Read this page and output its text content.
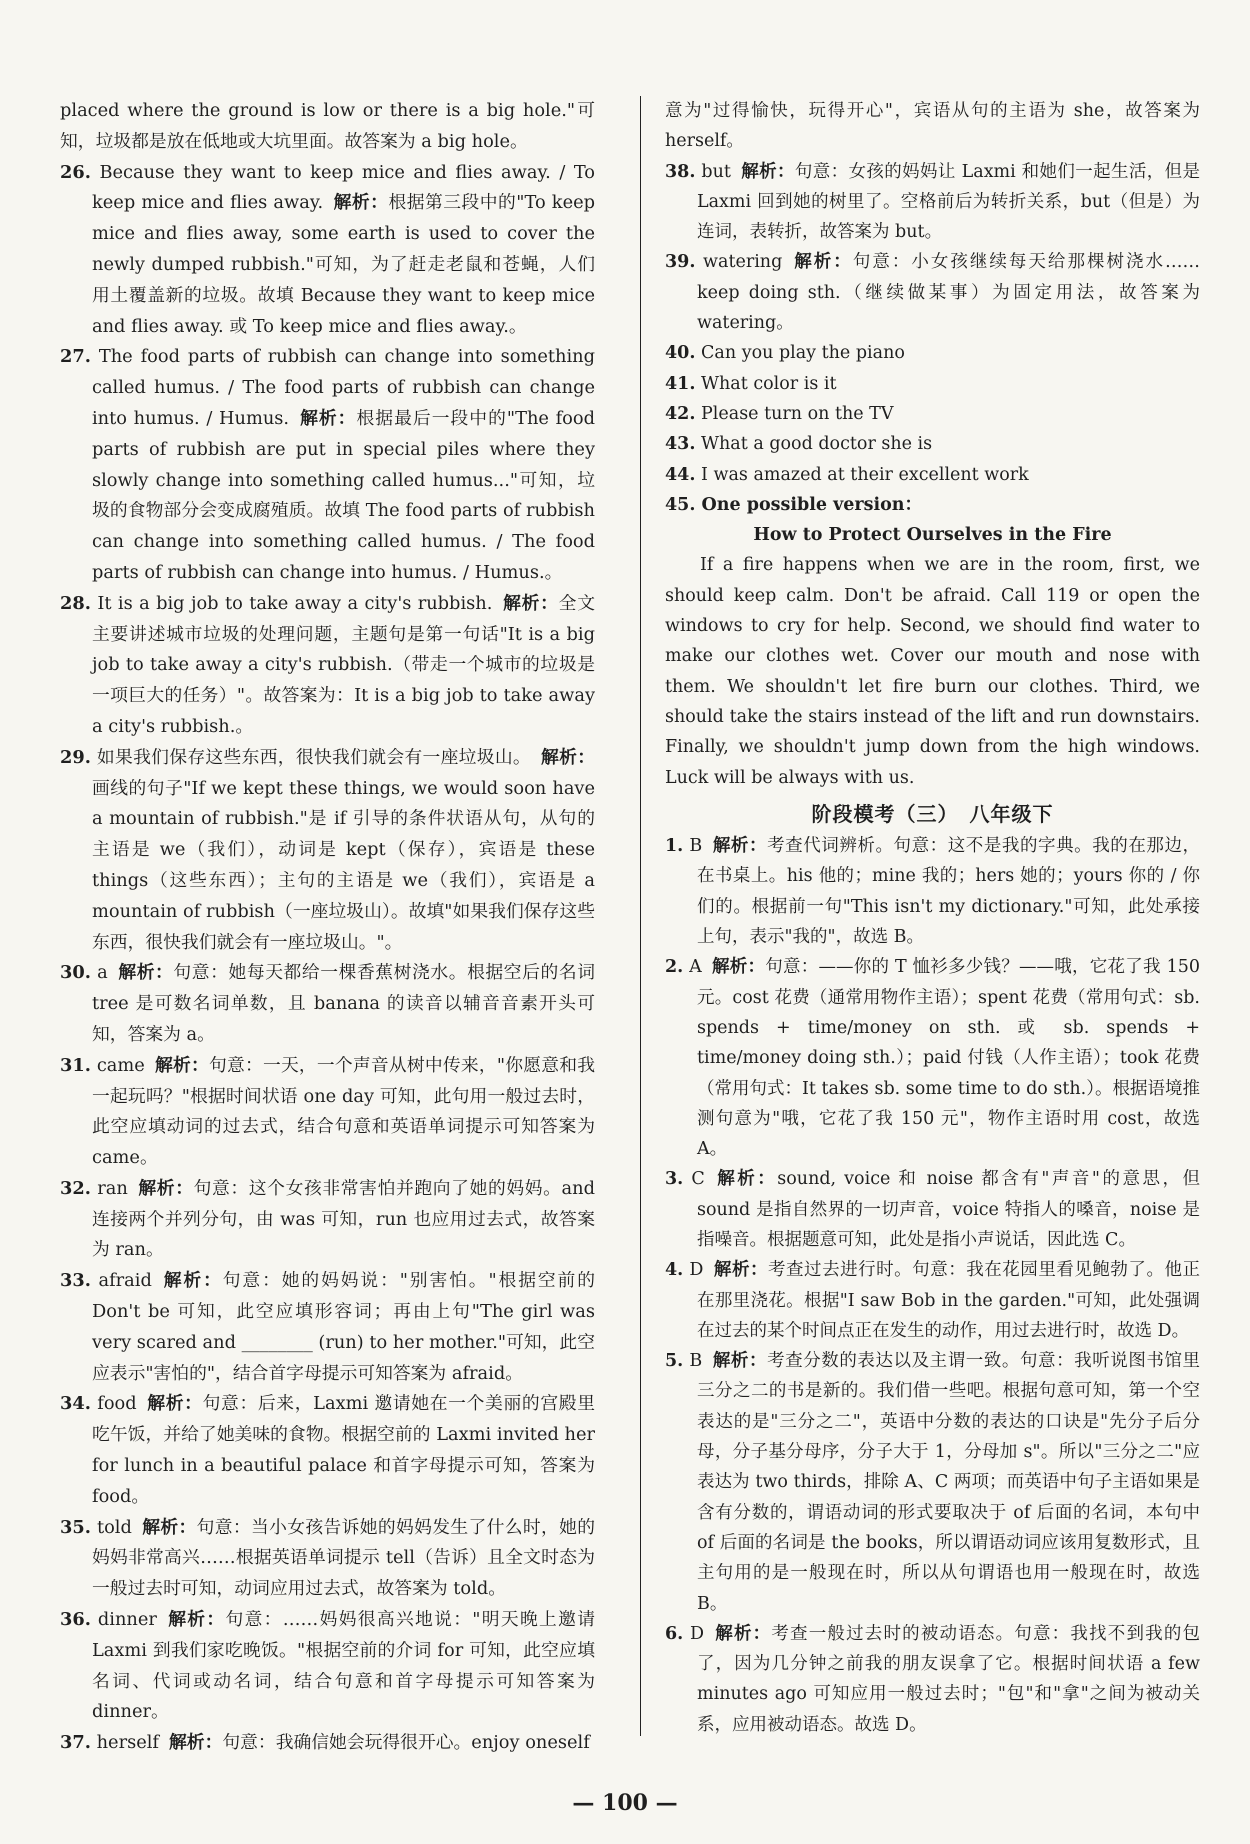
placed where the ground is low or there is a big hole."可知，垃圾都是放在低地或大坑里面。故答案为 a big hole。

26. Because they want to keep mice and flies away. / To keep mice and flies away. 解析：根据第三段中的"To keep mice and flies away, some earth is used to cover the newly dumped rubbish."可知，为了赶走老鼠和苍蝇，人们用土覆盖新的垃圾。故填 Because they want to keep mice and flies away. 或 To keep mice and flies away.。

27. The food parts of rubbish can change into something called humus. / The food parts of rubbish can change into humus. / Humus. 解析：根据最后一段中的"The food parts of rubbish are put in special piles where they slowly change into something called humus..."可知，垃圾的食物部分会变成腐殖质。故填 The food parts of rubbish can change into something called humus. / The food parts of rubbish can change into humus. / Humus.。

28. It is a big job to take away a city's rubbish. 解析：全文主要讲述城市垃圾的处理问题，主题句是第一句话"It is a big job to take away a city's rubbish.（带走一个城市的垃圾是一项巨大的任务）"。故答案为：It is a big job to take away a city's rubbish.。

29. 如果我们保存这些东西，很快我们就会有一座垃圾山。 解析：画线的句子"If we kept these things, we would soon have a mountain of rubbish."是 if 引导的条件状语从句，从句的主语是 we（我们），动词是 kept（保存），宾语是 these things（这些东西）；主句的主语是 we（我们），宾语是 a mountain of rubbish（一座垃圾山）。故填"如果我们保存这些东西，很快我们就会有一座垃圾山。"。

30. a 解析：句意：她每天都给一棵香蕉树浇水。根据空后的名词 tree 是可数名词单数，且 banana 的读音以辅音音素开头可知，答案为 a。

31. came 解析：句意：一天，一个声音从树中传来，"你愿意和我一起玩吗？"根据时间状语 one day 可知，此句用一般过去时，此空应填动词的过去式，结合句意和英语单词提示可知答案为 came。

32. ran 解析：句意：这个女孩非常害怕并跑向了她的妈妈。and 连接两个并列分句，由 was 可知，run 也应用过去式，故答案为 ran。

33. afraid 解析：句意：她的妈妈说："别害怕。"根据空前的 Don't be 可知，此空应填形容词；再由上句"The girl was very scared and ________ (run) to her mother."可知，此空应表示"害怕的"，结合首字母提示可知答案为 afraid。

34. food 解析：句意：后来，Laxmi 邀请她在一个美丽的宫殿里吃午饭，并给了她美味的食物。根据空前的 Laxmi invited her for lunch in a beautiful palace 和首字母提示可知，答案为 food。

35. told 解析：句意：当小女孩告诉她的妈妈发生了什么时，她的妈妈非常高兴……根据英语单词提示 tell（告诉）且全文时态为一般过去时可知，动词应用过去式，故答案为 told。

36. dinner 解析：句意：……妈妈很高兴地说："明天晚上邀请 Laxmi 到我们家吃晚饭。"根据空前的介词 for 可知，此空应填名词、代词或动名词，结合句意和首字母提示可知答案为 dinner。

37. herself 解析：句意：我确信她会玩得很开心。enjoy oneself

意为"过得愉快，玩得开心"，宾语从句的主语为 she，故答案为 herself。

38. but 解析：句意：女孩的妈妈让 Laxmi 和她们一起生活，但是 Laxmi 回到她的树里了。空格前后为转折关系，but（但是）为连词，表转折，故答案为 but。

39. watering 解析：句意：小女孩继续每天给那棵树浇水……keep doing sth.（继续做某事）为固定用法，故答案为 watering。

40. Can you play the piano

41. What color is it

42. Please turn on the TV

43. What a good doctor she is

44. I was amazed at their excellent work

45. One possible version：

How to Protect Ourselves in the Fire

If a fire happens when we are in the room, first, we should keep calm. Don't be afraid. Call 119 or open the windows to cry for help. Second, we should find water to make our clothes wet. Cover our mouth and nose with them. We shouldn't let fire burn our clothes. Third, we should take the stairs instead of the lift and run downstairs. Finally, we shouldn't jump down from the high windows. Luck will be always with us.

阶段模考（三）　八年级下

1. B 解析：考查代词辨析。句意：这不是我的字典。我的在那边，在书桌上。his 他的；mine 我的；hers 她的；yours 你的 / 你们的。根据前一句"This isn't my dictionary."可知，此处承接上句，表示"我的"，故选 B。

2. A 解析：句意：——你的 T 恤衫多少钱？——哦，它花了我 150 元。cost 花费（通常用物作主语）；spent 花费（常用句式：sb. spends + time/money on sth. 或 sb. spends + time/money doing sth.）；paid 付钱（人作主语）；took 花费（常用句式：It takes sb. some time to do sth.）。根据语境推测句意为"哦，它花了我 150 元"，物作主语时用 cost，故选 A。

3. C 解析：sound, voice 和 noise 都含有"声音"的意思，但 sound 是指自然界的一切声音，voice 特指人的嗓音，noise 是指噪音。根据题意可知，此处是指小声说话，因此选 C。

4. D 解析：考查过去进行时。句意：我在花园里看见鲍勃了。他正在那里浇花。根据"I saw Bob in the garden."可知，此处强调在过去的某个时间点正在发生的动作，用过去进行时，故选 D。

5. B 解析：考查分数的表达以及主谓一致。句意：我听说图书馆里三分之二的书是新的。我们借一些吧。根据句意可知，第一个空表达的是"三分之二"，英语中分数的表达的口诀是"先分子后分母，分子基分母序，分子大于 1，分母加 s"。所以"三分之二"应表达为 two thirds，排除 A、C 两项；而英语中句子主语如果是含有分数的，谓语动词的形式要取决于 of 后面的名词，本句中 of 后面的名词是 the books，所以谓语动词应该用复数形式，且主句用的是一般现在时，所以从句谓语也用一般现在时，故选 B。

6. D 解析：考查一般过去时的被动语态。句意：我找不到我的包了，因为几分钟之前我的朋友误拿了它。根据时间状语 a few minutes ago 可知应用一般过去时；"包"和"拿"之间为被动关系，应用被动语态。故选 D。

— 100 —
